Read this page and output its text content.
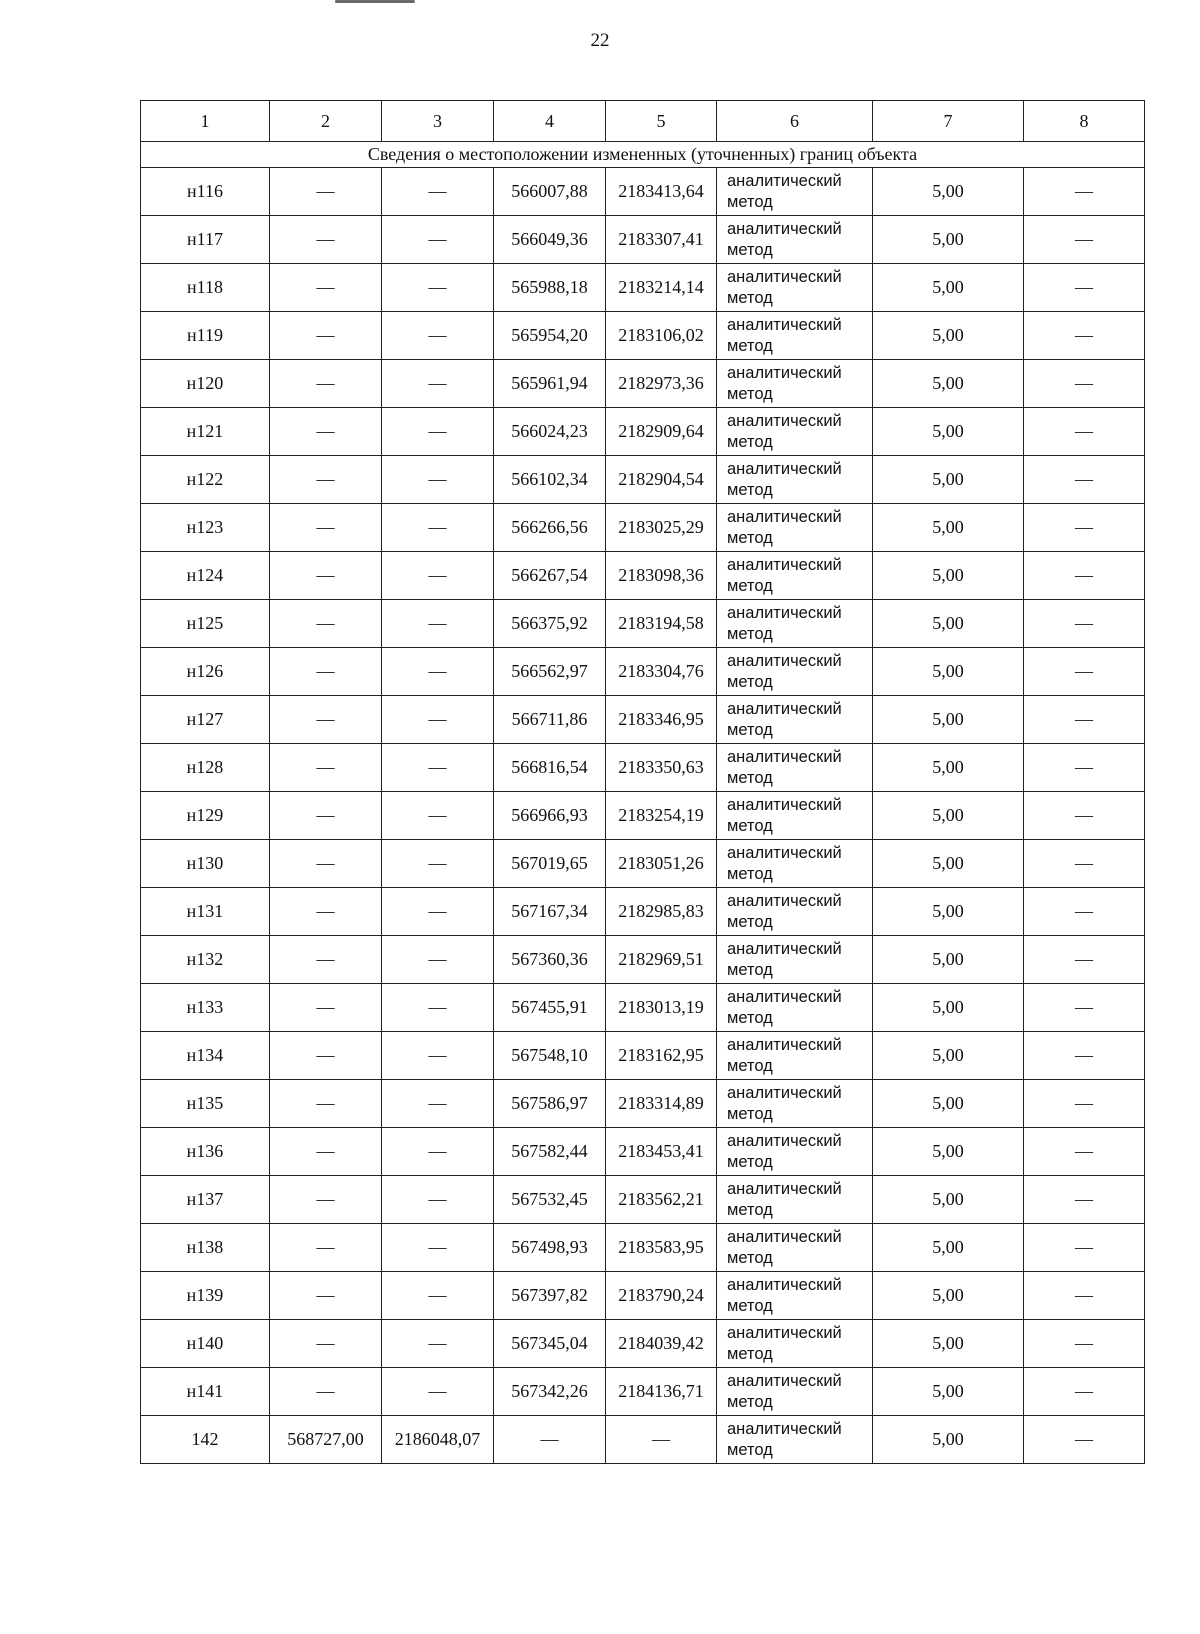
22
1	2	3	4	5	6	7	8
Сведения о местоположении измененных (уточненных) границ объекта							
н116	—	—	566007,88	2183413,64	аналитический метод	5,00	—
н117	—	—	566049,36	2183307,41	аналитический метод	5,00	—
н118	—	—	565988,18	2183214,14	аналитический метод	5,00	—
н119	—	—	565954,20	2183106,02	аналитический метод	5,00	—
н120	—	—	565961,94	2182973,36	аналитический метод	5,00	—
н121	—	—	566024,23	2182909,64	аналитический метод	5,00	—
н122	—	—	566102,34	2182904,54	аналитический метод	5,00	—
н123	—	—	566266,56	2183025,29	аналитический метод	5,00	—
н124	—	—	566267,54	2183098,36	аналитический метод	5,00	—
н125	—	—	566375,92	2183194,58	аналитический метод	5,00	—
н126	—	—	566562,97	2183304,76	аналитический метод	5,00	—
н127	—	—	566711,86	2183346,95	аналитический метод	5,00	—
н128	—	—	566816,54	2183350,63	аналитический метод	5,00	—
н129	—	—	566966,93	2183254,19	аналитический метод	5,00	—
н130	—	—	567019,65	2183051,26	аналитический метод	5,00	—
н131	—	—	567167,34	2182985,83	аналитический метод	5,00	—
н132	—	—	567360,36	2182969,51	аналитический метод	5,00	—
н133	—	—	567455,91	2183013,19	аналитический метод	5,00	—
н134	—	—	567548,10	2183162,95	аналитический метод	5,00	—
н135	—	—	567586,97	2183314,89	аналитический метод	5,00	—
н136	—	—	567582,44	2183453,41	аналитический метод	5,00	—
н137	—	—	567532,45	2183562,21	аналитический метод	5,00	—
н138	—	—	567498,93	2183583,95	аналитический метод	5,00	—
н139	—	—	567397,82	2183790,24	аналитический метод	5,00	—
н140	—	—	567345,04	2184039,42	аналитический метод	5,00	—
н141	—	—	567342,26	2184136,71	аналитический метод	5,00	—
142	568727,00	2186048,07	—	—	аналитический метод	5,00	—
